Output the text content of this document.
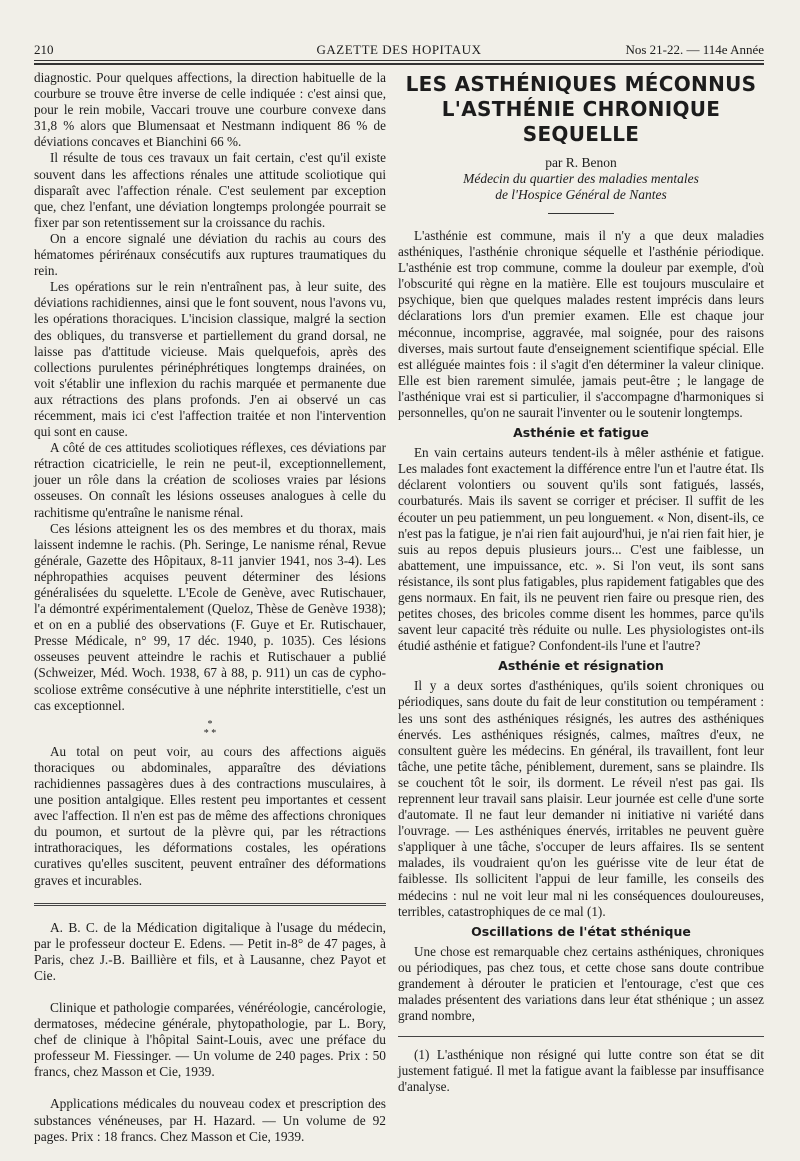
210	GAZETTE DES HOPITAUX	Nos 21-22. — 114e Année

diagnostic. Pour quelques affections, la direction habituelle de la courbure se trouve être inverse de celle indiquée : c'est ainsi que, pour le rein mobile, Vaccari trouve une courbure convexe dans 31,8 % alors que Blumensaat et Nestmann indiquent 86 % de déviations concaves et Bianchini 66 %.

Il résulte de tous ces travaux un fait certain, c'est qu'il existe souvent dans les affections rénales une attitude scoliotique qui disparaît avec l'affection rénale. C'est seulement par exception que, chez l'enfant, une déviation longtemps prolongée pourrait se fixer par son retentissement sur la croissance du rachis.

On a encore signalé une déviation du rachis au cours des hématomes périrénaux consécutifs aux ruptures traumatiques du rein.

Les opérations sur le rein n'entraînent pas, à leur suite, des déviations rachidiennes, ainsi que le font souvent, nous l'avons vu, les opérations thoraciques. L'incision classique, malgré la section des obliques, du transverse et partiellement du grand dorsal, ne laisse pas d'attitude vicieuse. Mais quelquefois, après des collections purulentes périnéphrétiques longtemps drainées, on voit s'établir une inflexion du rachis marquée et permanente due aux rétractions des plans profonds. J'en ai observé un cas récemment, mais ici c'est l'affection traitée et non l'intervention qui sont en cause.

A côté de ces attitudes scoliotiques réflexes, ces déviations par rétraction cicatricielle, le rein ne peut-il, exceptionnellement, jouer un rôle dans la création de scolioses vraies par lésions osseuses. On connaît les lésions osseuses analogues à celle du rachitisme qu'entraîne le nanisme rénal.

Ces lésions atteignent les os des membres et du thorax, mais laissent indemne le rachis. (Ph. Seringe, Le nanisme rénal, Revue générale, Gazette des Hôpitaux, 8-11 janvier 1941, nos 3-4). Les néphropathies acquises peuvent déterminer des lésions généralisées du squelette. L'Ecole de Genève, avec Rutischauer, l'a démontré expérimentalement (Queloz, Thèse de Genève 1938); et on en a publié des observations (F. Guye et Er. Rutischauer, Presse Médicale, n° 99, 17 déc. 1940, p. 1035). Ces lésions osseuses peuvent atteindre le rachis et Rutischauer a publié (Schweizer, Méd. Woch. 1938, 67 à 88, p. 911) un cas de cypho-scoliose extrême consécutive à une néphrite interstitielle, c'est un cas exceptionnel.

*
* *

Au total on peut voir, au cours des affections aiguës thoraciques ou abdominales, apparaître des déviations rachidiennes passagères dues à des contractions musculaires, à une position antalgique. Elles restent peu importantes et cessent avec l'affection. Il n'en est pas de même des affections chroniques du poumon, et surtout de la plèvre qui, par les rétractions intrathoraciques, les déformations costales, les opérations curatives qu'elles suscitent, peuvent entraîner des déformations graves et incurables.

A. B. C. de la Médication digitalique à l'usage du médecin, par le professeur docteur E. Edens. — Petit in-8° de 47 pages, à Paris, chez J.-B. Baillière et fils, et à Lausanne, chez Payot et Cie.

Clinique et pathologie comparées, vénéréologie, cancérologie, dermatoses, médecine générale, phytopathologie, par L. Bory, chef de clinique à l'hôpital Saint-Louis, avec une préface du professeur M. Fiessinger. — Un volume de 240 pages. Prix : 50 francs, chez Masson et Cie, 1939.

Applications médicales du nouveau codex et prescription des substances vénéneuses, par H. Hazard. — Un volume de 92 pages. Prix : 18 francs. Chez Masson et Cie, 1939.

LES ASTHÉNIQUES MÉCONNUS
L'ASTHÉNIE CHRONIQUE SEQUELLE
par R. Benon
Médecin du quartier des maladies mentales
de l'Hospice Général de Nantes

L'asthénie est commune, mais il n'y a que deux maladies asthéniques, l'asthénie chronique séquelle et l'asthénie périodique. L'asthénie est trop commune, comme la douleur par exemple, d'où l'obscurité qui règne en la matière. Elle est toujours musculaire et psychique, bien que quelques malades restent imprécis dans leurs déclarations lors d'un premier examen. Elle est chaque jour méconnue, incomprise, aggravée, mal soignée, pour des raisons diverses, mais surtout faute d'enseignement scientifique spécial. Elle est alléguée maintes fois : il s'agit d'en déterminer la valeur clinique. Elle est bien rarement simulée, jamais peut-être ; le langage de l'asthénique vrai est si particulier, il s'accompagne d'harmoniques si personnelles, qu'on ne saurait l'inventer ou le soutenir longtemps.

Asthénie et fatigue

En vain certains auteurs tendent-ils à mêler asthénie et fatigue. Les malades font exactement la différence entre l'un et l'autre état. Ils déclarent volontiers ou souvent qu'ils sont fatigués, lassés, courbaturés. Mais ils savent se corriger et préciser. Il suffit de les écouter un peu patiemment, un peu longuement. « Non, disent-ils, ce n'est pas la fatigue, je n'ai rien fait aujourd'hui, je n'ai rien fait hier, je suis au repos depuis plusieurs jours... C'est une faiblesse, un abattement, une impuissance, etc. ». Si l'on veut, ils sont sans résistance, ils sont plus fatigables, plus rapidement fatigables que des gens normaux. En fait, ils ne peuvent rien faire ou presque rien, des petites choses, des bricoles comme disent les hommes, parce qu'ils savent leur capacité très réduite ou nulle. Les physiologistes ont-ils étudié asthénie et fatigue? Confondent-ils l'une et l'autre?

Asthénie et résignation

Il y a deux sortes d'asthéniques, qu'ils soient chroniques ou périodiques, sans doute du fait de leur constitution ou tempérament : les uns sont des asthéniques résignés, les autres des asthéniques énervés. Les asthéniques résignés, calmes, maîtres d'eux, ne consultent guère les médecins. En général, ils travaillent, font leur tâche, une petite tâche, péniblement, durement, sans se plaindre. Ils se couchent tôt le soir, ils dorment. Le réveil n'est pas gai. Ils reprennent leur travail sans plaisir. Leur journée est celle d'une sorte d'automate. Il ne faut leur demander ni initiative ni variété dans l'ouvrage. — Les asthéniques énervés, irritables ne peuvent guère s'appliquer à une tâche, s'occuper de leurs affaires. Ils se sentent malades, ils voudraient qu'on les guérisse vite de leur état de faiblesse. Ils sollicitent l'appui de leur famille, les conseils des médecins : nul ne voit leur mal ni les conséquences douloureuses, terribles, catastrophiques de ce mal (1).

Oscillations de l'état sthénique

Une chose est remarquable chez certains asthéniques, chroniques ou périodiques, pas chez tous, et cette chose sans doute contribue grandement à dérouter le praticien et l'entourage, c'est que ces malades présentent des variations dans leur état sthénique ; un assez grand nombre,

(1) L'asthénique non résigné qui lutte contre son état se dit justement fatigué. Il met la fatigue avant la faiblesse par insuffisance d'analyse.
